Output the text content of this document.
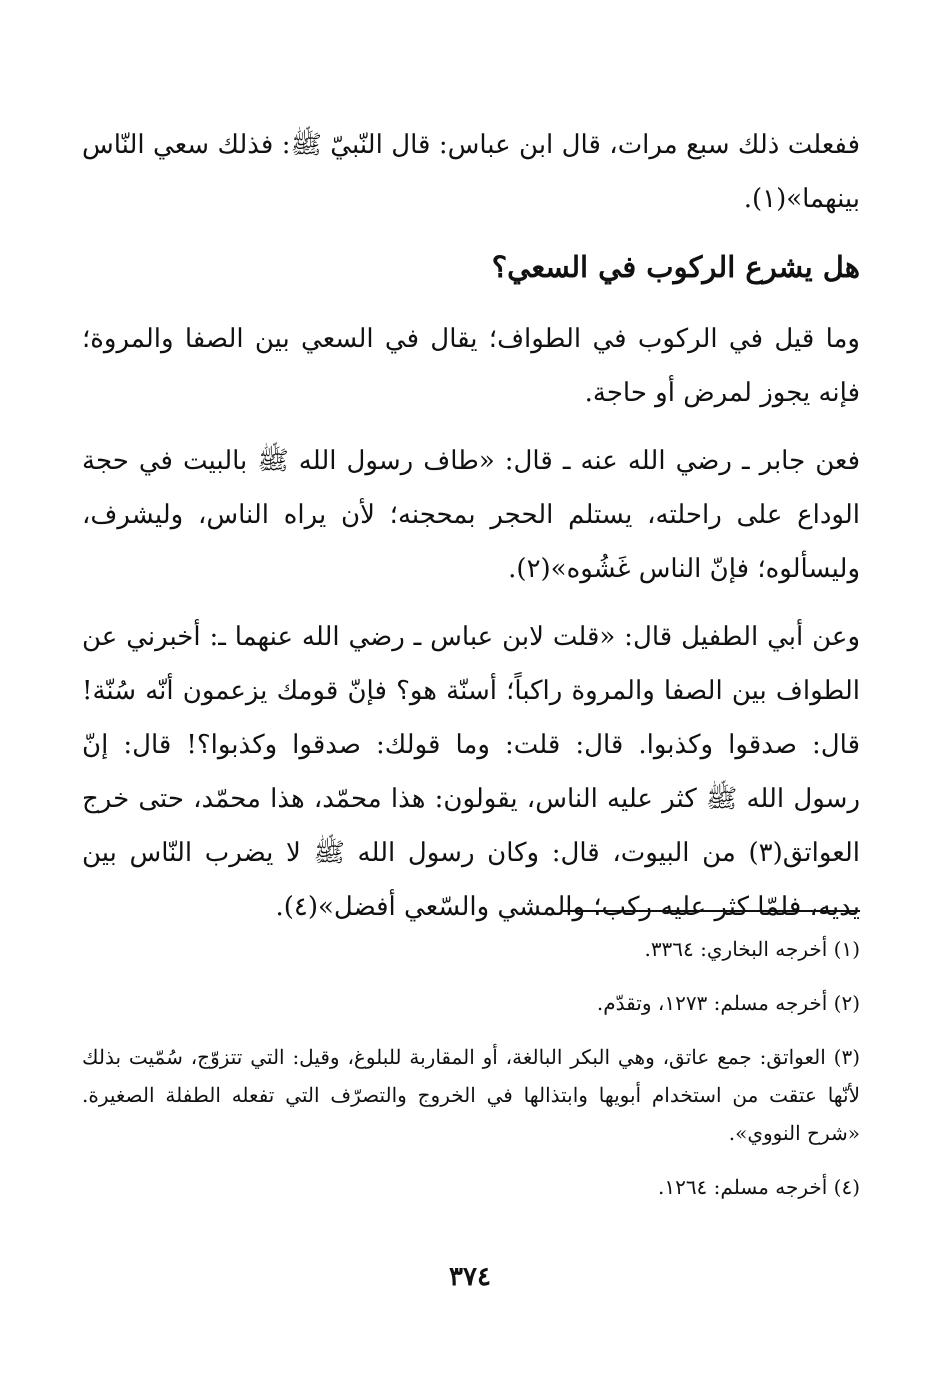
ففعلت ذلك سبع مرات، قال ابن عباس: قال النّبيّ ﷺ: فذلك سعي النّاس بينهما»(١).

هل يشرع الركوب في السعي؟

وما قيل في الركوب في الطواف؛ يقال في السعي بين الصفا والمروة؛ فإنه يجوز لمرض أو حاجة.

فعن جابر ـ رضي الله عنه ـ قال: «طاف رسول الله ﷺ بالبيت في حجة الوداع على راحلته، يستلم الحجر بمحجنه؛ لأن يراه الناس، وليشرف، وليسألوه؛ فإنّ الناس غَشُوه»(٢).

وعن أبي الطفيل قال: «قلت لابن عباس ـ رضي الله عنهما ـ: أخبرني عن الطواف بين الصفا والمروة راكباً؛ أسنّة هو؟ فإنّ قومك يزعمون أنّه سُنّة! قال: صدقوا وكذبوا. قال: قلت: وما قولك: صدقوا وكذبوا؟! قال: إنّ رسول الله ﷺ كثر عليه الناس، يقولون: هذا محمّد، هذا محمّد، حتى خرج العواتق(٣) من البيوت، قال: وكان رسول الله ﷺ لا يضرب النّاس بين يديه، فلمّا كثر عليه ركب؛ والمشي والسّعي أفضل»(٤).

(١) أخرجه البخاري: ٣٣٦٤.

(٢) أخرجه مسلم: ١٢٧٣، وتقدّم.

(٣) العواتق: جمع عاتق، وهي البكر البالغة، أو المقاربة للبلوغ، وقيل: التي تتزوّج، سُمّيت بذلك لأنّها عتقت من استخدام أبويها وابتذالها في الخروج والتصرّف التي تفعله الطفلة الصغيرة. «شرح النووي».

(٤) أخرجه مسلم: ١٢٦٤.

٣٧٤
